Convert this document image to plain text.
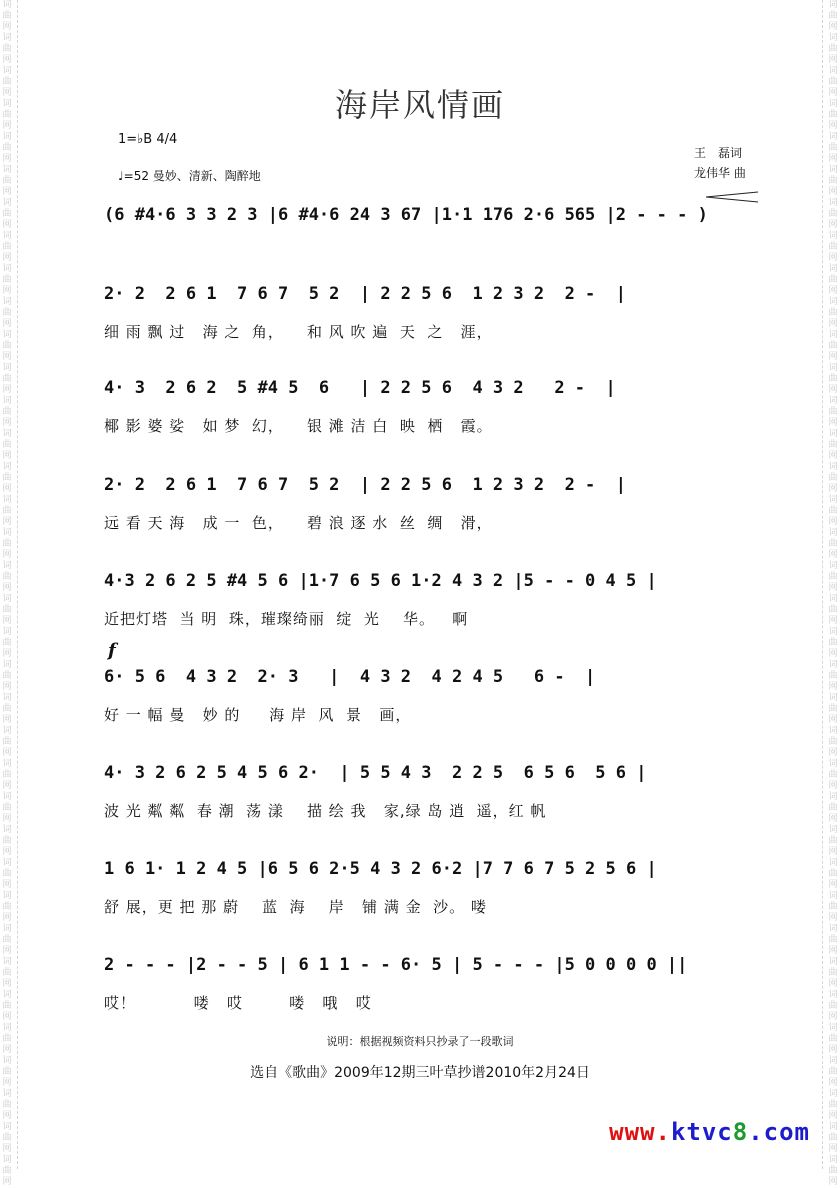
词曲网 词曲网 词曲网 词曲网 词曲网 词曲网 词曲网 词曲网 词曲网 词曲网 词曲网 词曲网 词曲网 词曲网 词曲网 词曲网 词曲网 词曲网 词曲网 词曲网 词曲网 词曲网 词曲网 词曲网 词曲网 词曲网 词曲网 词曲网 词曲网 词曲网 词曲网 词曲网 词曲网 词曲网 词曲网 词曲网
词曲网 词曲网 词曲网 词曲网 词曲网 词曲网 词曲网 词曲网 词曲网 词曲网 词曲网 词曲网 词曲网 词曲网 词曲网 词曲网 词曲网 词曲网 词曲网 词曲网 词曲网 词曲网 词曲网 词曲网 词曲网 词曲网 词曲网 词曲网 词曲网 词曲网 词曲网 词曲网 词曲网 词曲网 词曲网 词曲网
海岸风情画
1=♭B 4/4
♩=52 曼妙、清新、陶醉地
王　磊词
龙伟华 曲
(6 #4·6 3 3 2 3 |6 #4·6 24 3 67 |1·1 176 2·6 565 |2 - - - )
2· 2  2 6 1  7 6 7  5 2  | 2 2 5 6  1 2 3 2  2 -  |
细 雨 飘 过   海 之  角，    和 风 吹 遍  天  之   涯，
4· 3  2 6 2  5 #4 5  6   | 2 2 5 6  4 3 2   2 -  |
椰 影 婆 娑   如 梦  幻，    银 滩 洁 白  映  栖   霞。
2· 2  2 6 1  7 6 7  5 2  | 2 2 5 6  1 2 3 2  2 -  |
远 看 天 海   成 一  色，    碧 浪 逐 水  丝  绸   滑，
4·3 2 6 2 5 #4 5 6 |1·7 6 5 6 1·2 4 3 2 |5 - - 0 4 5 |
近把灯塔  当 明  珠，璀璨绮丽  绽  光    华。   啊
f
6· 5 6  4 3 2  2· 3   |  4 3 2  4 2 4 5   6 -  |
好 一 幅 曼   妙 的     海 岸  风  景   画，
4· 3 2 6 2 5 4 5 6 2·  | 5 5 4 3  2 2 5  6 5 6  5 6 |
波 光 粼 粼  春 潮  荡 漾    描 绘 我   家,绿 岛 逍  遥，红 帆
1 6 1· 1 2 4 5 |6 5 6 2·5 4 3 2 6·2 |7 7 6 7 5 2 5 6 |
舒 展，更 把 那 蔚    蓝  海    岸   铺 满 金  沙。 喽
2 - - - |2 - - 5 | 6 1 1 - - 6· 5 | 5 - - - |5 0 0 0 0 ||
哎！          喽   哎        喽   哦   哎
说明：根据视频资料只抄录了一段歌词
选自《歌曲》2009年12期三叶草抄谱2010年2月24日
www.ktvc8.com
